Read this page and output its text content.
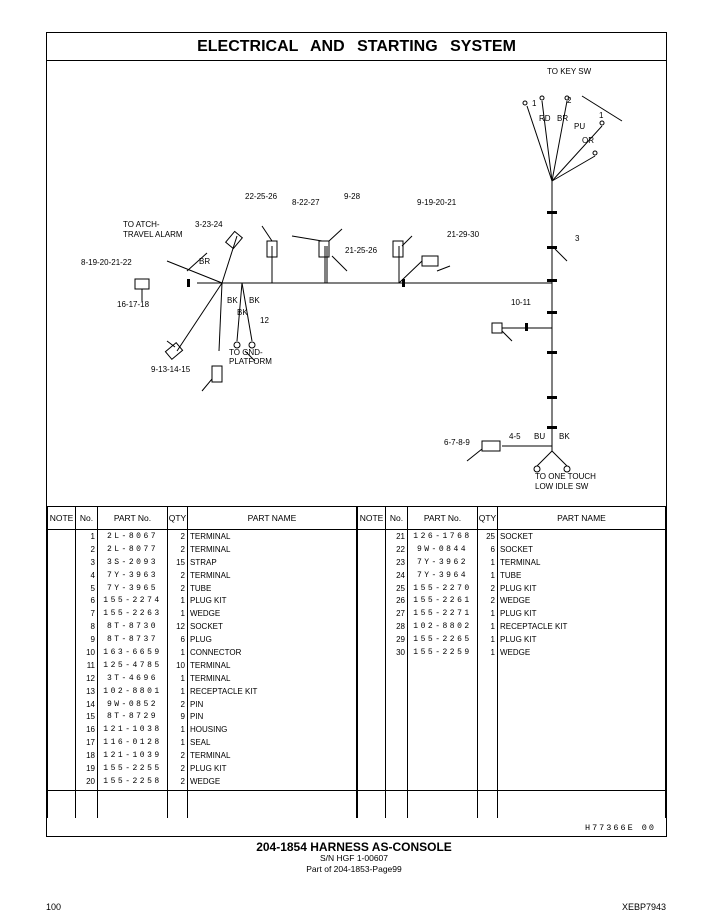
ELECTRICAL AND STARTING SYSTEM
TO KEY SW
1	2
1
RD BR
PU
OR
22-25-26
8-22-27
9-28
9-19-20-21
TO ATCH-
TRAVEL ALARM
3-23-24
21-25-26
21-29-30	3
8-19-20-21-22	BR
BK BK
BK
16-17-18
12
TO GND-
PLATFORM
9-13-14-15
10-11
6-7-8-9
4-5 BU BK
TO ONE TOUCH
LOW IDLE SW
NOTE	No.	PART No.	QTY	PART NAME
	1	2L-8067	2	TERMINAL
	2	2L-8077	2	TERMINAL
	3	3S-2093	15	STRAP
	4	7Y-3963	2	TERMINAL
	5	7Y-3965	2	TUBE
	6	155-2274	1	PLUG KIT
	7	155-2263	1	WEDGE
	8	8T-8730	12	SOCKET
	9	8T-8737	6	PLUG
	10	163-6659	1	CONNECTOR
	11	125-4785	10	TERMINAL
	12	3T-4696	1	TERMINAL
	13	102-8801	1	RECEPTACLE KIT
	14	9W-0852	2	PIN
	15	8T-8729	9	PIN
	16	121-1038	1	HOUSING
	17	116-0128	1	SEAL
	18	121-1039	2	TERMINAL
	19	155-2255	2	PLUG KIT
	20	155-2258	2	WEDGE

NOTE	No.	PART No.	QTY	PART NAME
	21	126-1768	25	SOCKET
	22	9W-0844	6	SOCKET
	23	7Y-3962	1	TERMINAL
	24	7Y-3964	1	TUBE
	25	155-2270	2	PLUG KIT
	26	155-2261	2	WEDGE
	27	155-2271	1	PLUG KIT
	28	102-8802	1	RECEPTACLE KIT
	29	155-2265	1	PLUG KIT
	30	155-2259	1	WEDGE

H77366E 00
204-1854 HARNESS AS-CONSOLE
S/N HGF 1-00607
Part of 204-1853-Page99
100	XEBP7943
